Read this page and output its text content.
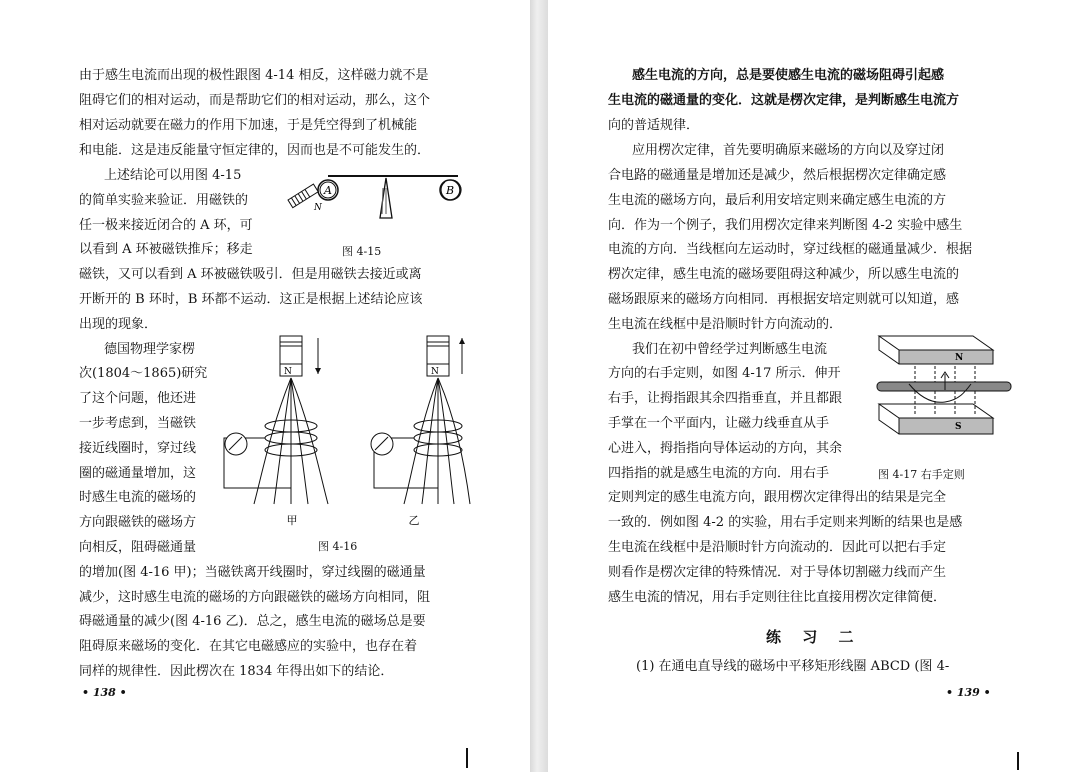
由于感生电流而出现的极性跟图 4-14 相反，这样磁力就不是

阻碍它们的相对运动，而是帮助它们的相对运动，那么，这个

相对运动就要在磁力的作用下加速，于是凭空得到了机械能

和电能．这是违反能量守恒定律的，因而也是不可能发生的．

上述结论可以用图 4-15

的简单实验来验证．用磁铁的

任一极来接近闭合的 A 环，可

以看到 A 环被磁铁推斥；移走

磁铁，又可以看到 A 环被磁铁吸引．但是用磁铁去接近或离

开断开的 B 环时，B 环都不运动．这正是根据上述结论应该

出现的现象．

德国物理学家楞

次(1804～1865)研究

了这个问题，他还进

一步考虑到，当磁铁

接近线圈时，穿过线

圈的磁通量增加，这

时感生电流的磁场的

方向跟磁铁的磁场方

向相反，阻碍磁通量

的增加(图 4-16 甲)；当磁铁离开线圈时，穿过线圈的磁通量

减少，这时感生电流的磁场的方向跟磁铁的磁场方向相同，阻

碍磁通量的减少(图 4-16 乙)．总之，感生电流的磁场总是要

阻碍原来磁场的变化．在其它电磁感应的实验中，也存在着

同样的规律性．因此楞次在 1834 年得出如下的结论．

A	B
N
图 4-15
N
甲
N
乙
图 4-16
• 138 •

感生电流的方向，总是要使感生电流的磁场阻碍引起感

生电流的磁通量的变化．这就是楞次定律，是判断感生电流方

向的普适规律．

应用楞次定律，首先要明确原来磁场的方向以及穿过闭

合电路的磁通量是增加还是减少，然后根据楞次定律确定感

生电流的磁场方向，最后利用安培定则来确定感生电流的方

向．作为一个例子，我们用楞次定律来判断图 4-2 实验中感生

电流的方向．当线框向左运动时，穿过线框的磁通量减少．根据

楞次定律，感生电流的磁场要阻碍这种减少，所以感生电流的

磁场跟原来的磁场方向相同．再根据安培定则就可以知道，感

生电流在线框中是沿顺时针方向流动的．

我们在初中曾经学过判断感生电流

方向的右手定则，如图 4-17 所示．伸开

右手，让拇指跟其余四指垂直，并且都跟

手掌在一个平面内，让磁力线垂直从手

心进入，拇指指向导体运动的方向，其余

四指指的就是感生电流的方向．用右手

定则判定的感生电流方向，跟用楞次定律得出的结果是完全

一致的．例如图 4-2 的实验，用右手定则来判断的结果也是感

生电流在线框中是沿顺时针方向流动的．因此可以把右手定

则看作是楞次定律的特殊情况．对于导体切割磁力线而产生

感生电流的情况，用右手定则往往比直接用楞次定律简便．

N
S
图 4-17 右手定则
练 习 二

(1) 在通电直导线的磁场中平移矩形线圈 ABCD (图 4-

• 139 •
